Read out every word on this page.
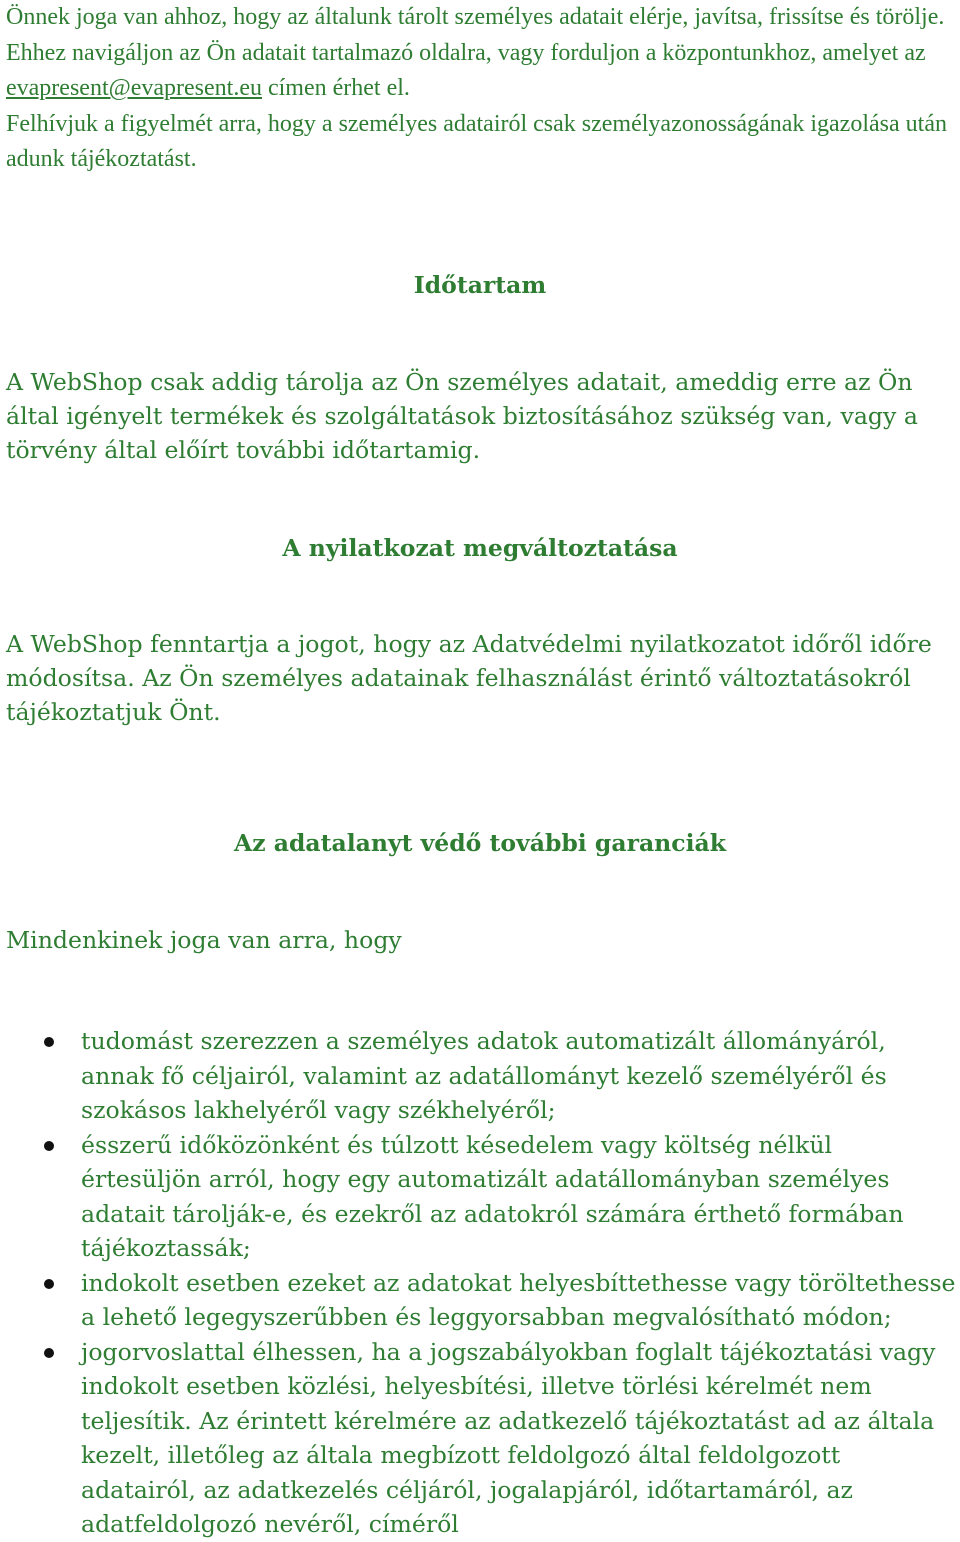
Önnek joga van ahhoz, hogy az általunk tárolt személyes adatait elérje, javítsa, frissítse és törölje. Ehhez navigáljon az Ön adatait tartalmazó oldalra, vagy forduljon a központunkhoz, amelyet az evapresent@evapresent.eu címen érhet el.
Felhívjuk a figyelmét arra, hogy a személyes adatairól csak személyazonosságának igazolása után adunk tájékoztatást.

Időtartam

A WebShop csak addig tárolja az Ön személyes adatait, ameddig erre az Ön által igényelt termékek és szolgáltatások biztosításához szükség van, vagy a törvény által előírt további időtartamig.

A nyilatkozat megváltoztatása

A WebShop fenntartja a jogot, hogy az Adatvédelmi nyilatkozatot időről időre módosítsa. Az Ön személyes adatainak felhasználást érintő változtatásokról tájékoztatjuk Önt.

Az adatalanyt védő további garanciák

Mindenkinek joga van arra, hogy

tudomást szerezzen a személyes adatok automatizált állományáról, annak fő céljairól, valamint az adatállományt kezelő személyéről és szokásos lakhelyéről vagy székhelyéről;
ésszerű időközönként és túlzott késedelem vagy költség nélkül értesüljön arról, hogy egy automatizált adatállományban személyes adatait tárolják-e, és ezekről az adatokról számára érthető formában tájékoztassák;
indokolt esetben ezeket az adatokat helyesbíttethesse vagy töröltethesse a lehető legegyszerűbben és leggyorsabban megvalósítható módon;
jogorvoslattal élhessen, ha a jogszabályokban foglalt tájékoztatási vagy indokolt esetben közlési, helyesbítési, illetve törlési kérelmét nem teljesítik. Az érintett kérelmére az adatkezelő tájékoztatást ad az általa kezelt, illetőleg az általa megbízott feldolgozó által feldolgozott adatairól, az adatkezelés céljáról, jogalapjáról, időtartamáról, az adatfeldolgozó nevéről, címéről
